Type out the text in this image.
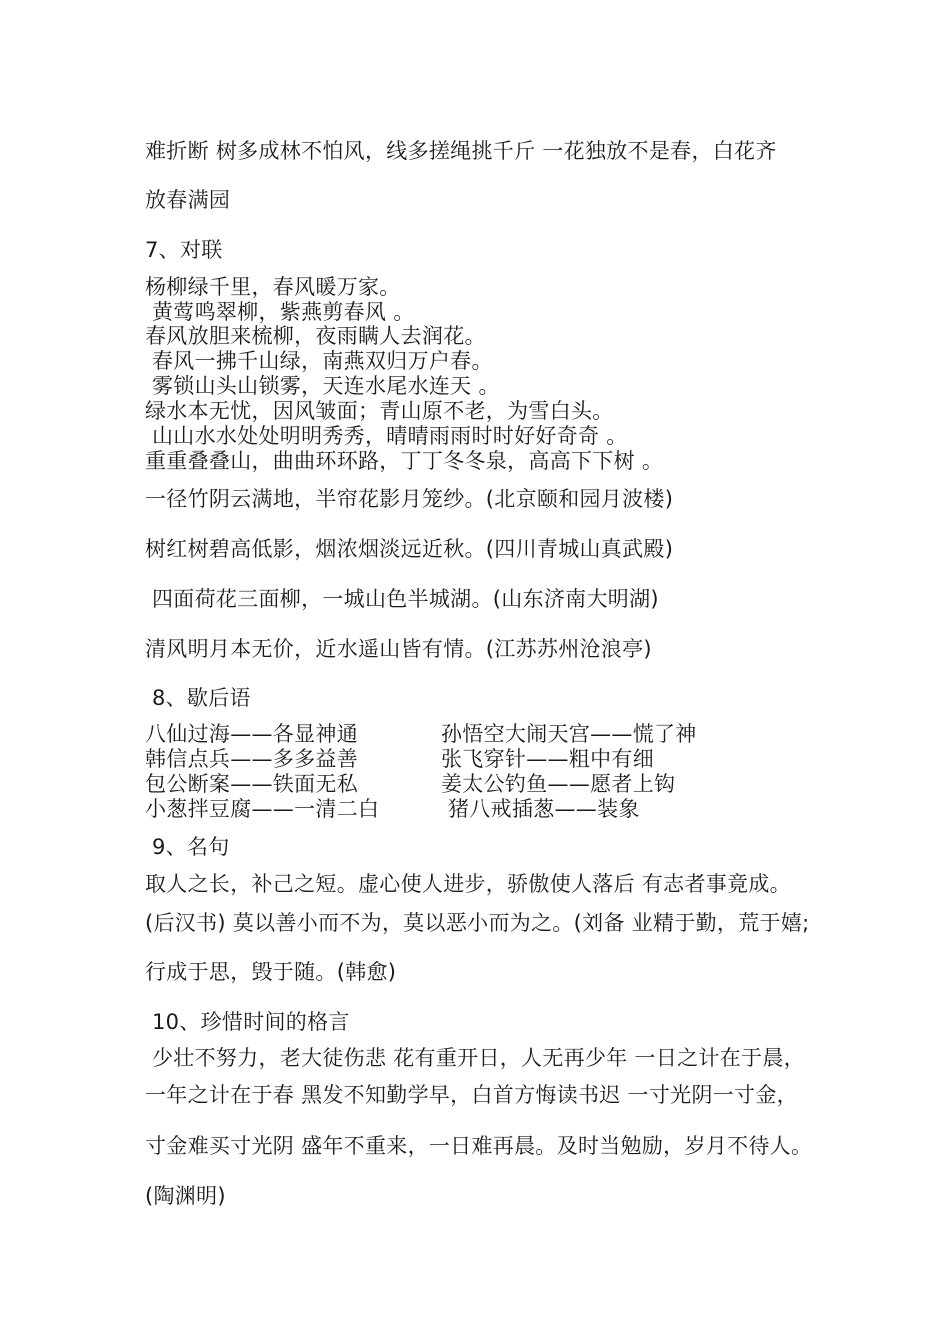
难折断 树多成林不怕风，线多搓绳挑千斤 一花独放不是春，白花齐
放春满园
7、对联
杨柳绿千里，春风暖万家。
黄莺鸣翠柳，紫燕剪春风 。
春风放胆来梳柳，夜雨瞒人去润花。
春风一拂千山绿，南燕双归万户春。
雾锁山头山锁雾，天连水尾水连天 。
绿水本无忧，因风皱面；青山原不老，为雪白头。
山山水水处处明明秀秀，晴晴雨雨时时好好奇奇 。
重重叠叠山，曲曲环环路，丁丁冬冬泉，高高下下树 。
一径竹阴云满地，半帘花影月笼纱。(北京颐和园月波楼)
树红树碧高低影，烟浓烟淡远近秋。(四川青城山真武殿)
四面荷花三面柳，一城山色半城湖。(山东济南大明湖)
清风明月本无价，近水遥山皆有情。(江苏苏州沧浪亭)
8、歇后语
八仙过海——各显神通	孙悟空大闹天宫——慌了神
韩信点兵——多多益善	张飞穿针——粗中有细
包公断案——铁面无私	姜太公钓鱼——愿者上钩
小葱拌豆腐——一清二白	猪八戒插葱——装象
9、名句
取人之长，补己之短。虚心使人进步，骄傲使人落后 有志者事竟成。
(后汉书) 莫以善小而不为，莫以恶小而为之。(刘备 业精于勤，荒于嬉;
行成于思，毁于随。(韩愈)
10、珍惜时间的格言
少壮不努力，老大徒伤悲 花有重开日，人无再少年 一日之计在于晨，
一年之计在于春 黑发不知勤学早，白首方悔读书迟 一寸光阴一寸金，
寸金难买寸光阴 盛年不重来，一日难再晨。及时当勉励，岁月不待人。
(陶渊明)
